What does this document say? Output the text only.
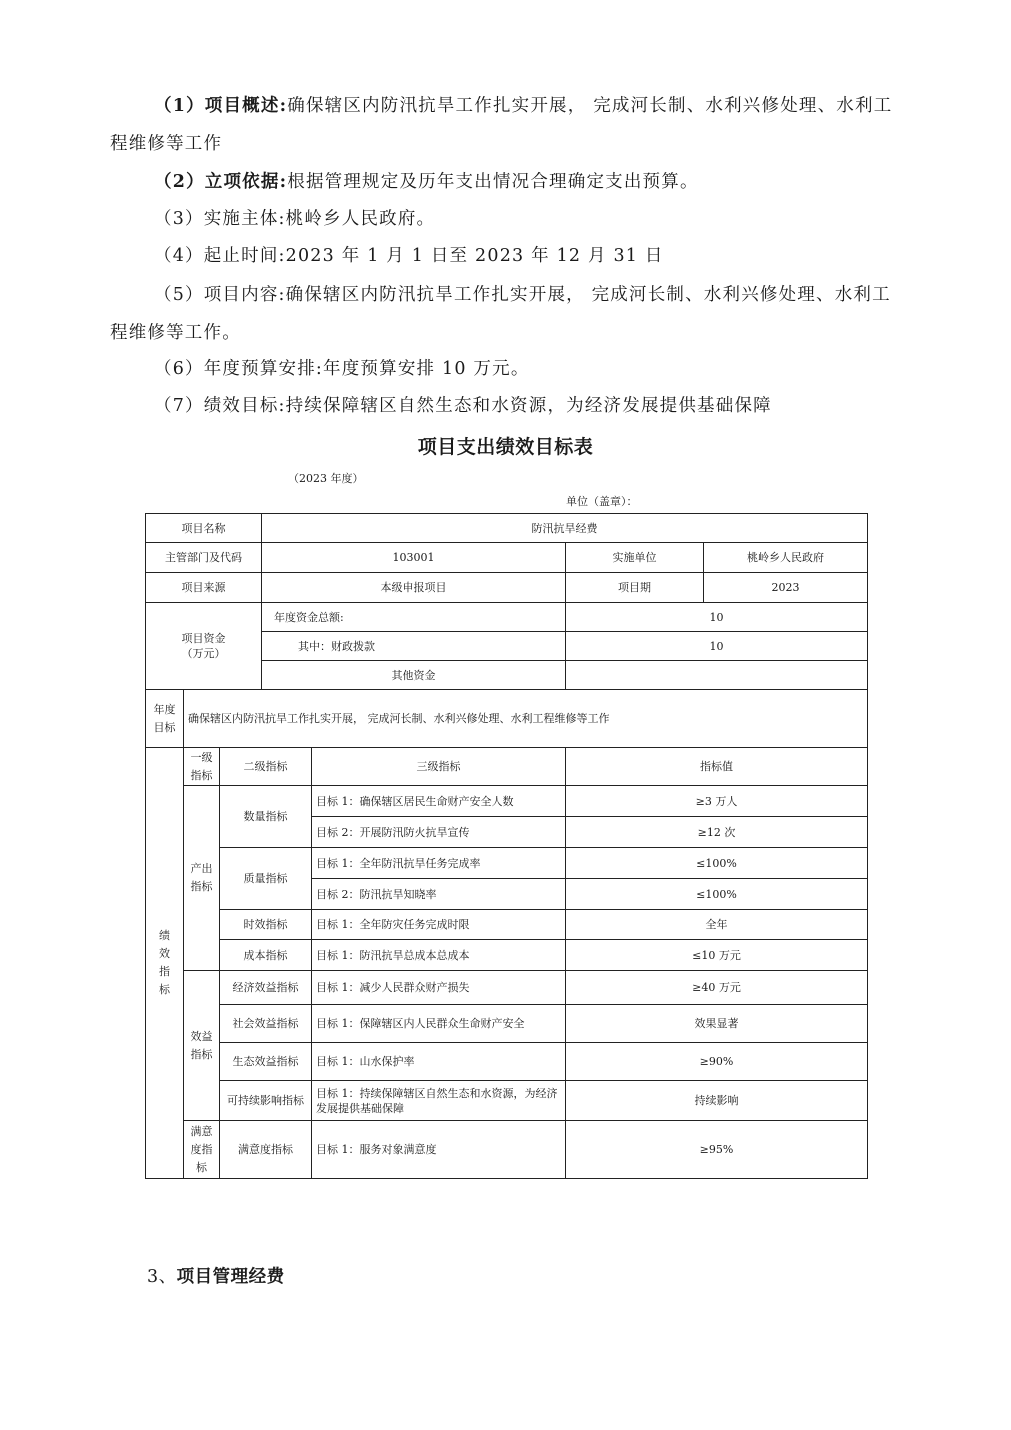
（1）项目概述:确保辖区内防汛抗旱工作扎实开展， 完成河长制、水利兴修处理、水利工程维修等工作

（2）立项依据:根据管理规定及历年支出情况合理确定支出预算。

（3）实施主体:桃岭乡人民政府。

（4）起止时间:2023 年 1 月 1 日至 2023 年 12 月 31 日

（5）项目内容:确保辖区内防汛抗旱工作扎实开展， 完成河长制、水利兴修处理、水利工程维修等工作。

（6）年度预算安排:年度预算安排 10 万元。

（7）绩效目标:持续保障辖区自然生态和水资源，为经济发展提供基础保障

项目支出绩效目标表
（2023 年度）
单位（盖章）：
项目名称			防汛抗旱经费			
主管部门及代码			103001		实施单位	桃岭乡人民政府
项目来源			本级申报项目		项目期	2023

项目资金
（万元）			年度资金总额:		10	
			其中：财政拨款		10	
			其他资金			
年度目标	确保辖区内防汛抗旱工作扎实开展， 完成河长制、水利兴修处理、水利工程维修等工作					
绩效指标	一级指标	二级指标		三级指标	指标值	
	产出指标	数量指标		目标 1：确保辖区居民生命财产安全人数	≥3 万人	
				目标 2：开展防汛防火抗旱宣传	≥12 次	
		质量指标		目标 1：全年防汛抗旱任务完成率	≤100%	
				目标 2：防汛抗旱知晓率	≤100%	
		时效指标		目标 1：全年防灾任务完成时限	全年	
		成本指标		目标 1：防汛抗旱总成本总成本	≤10 万元	
	效益指标	经济效益指标		目标 1：减少人民群众财产损失	≥40 万元	
		社会效益指标		目标 1：保障辖区内人民群众生命财产安全	效果显著	
		生态效益指标		目标 1：山水保护率	≥90%	
		可持续影响指标		目标 1：持续保障辖区自然生态和水资源，为经济发展提供基础保障	持续影响	
	满意度指标	满意度指标		目标 1：服务对象满意度	≥95%	
3、项目管理经费
